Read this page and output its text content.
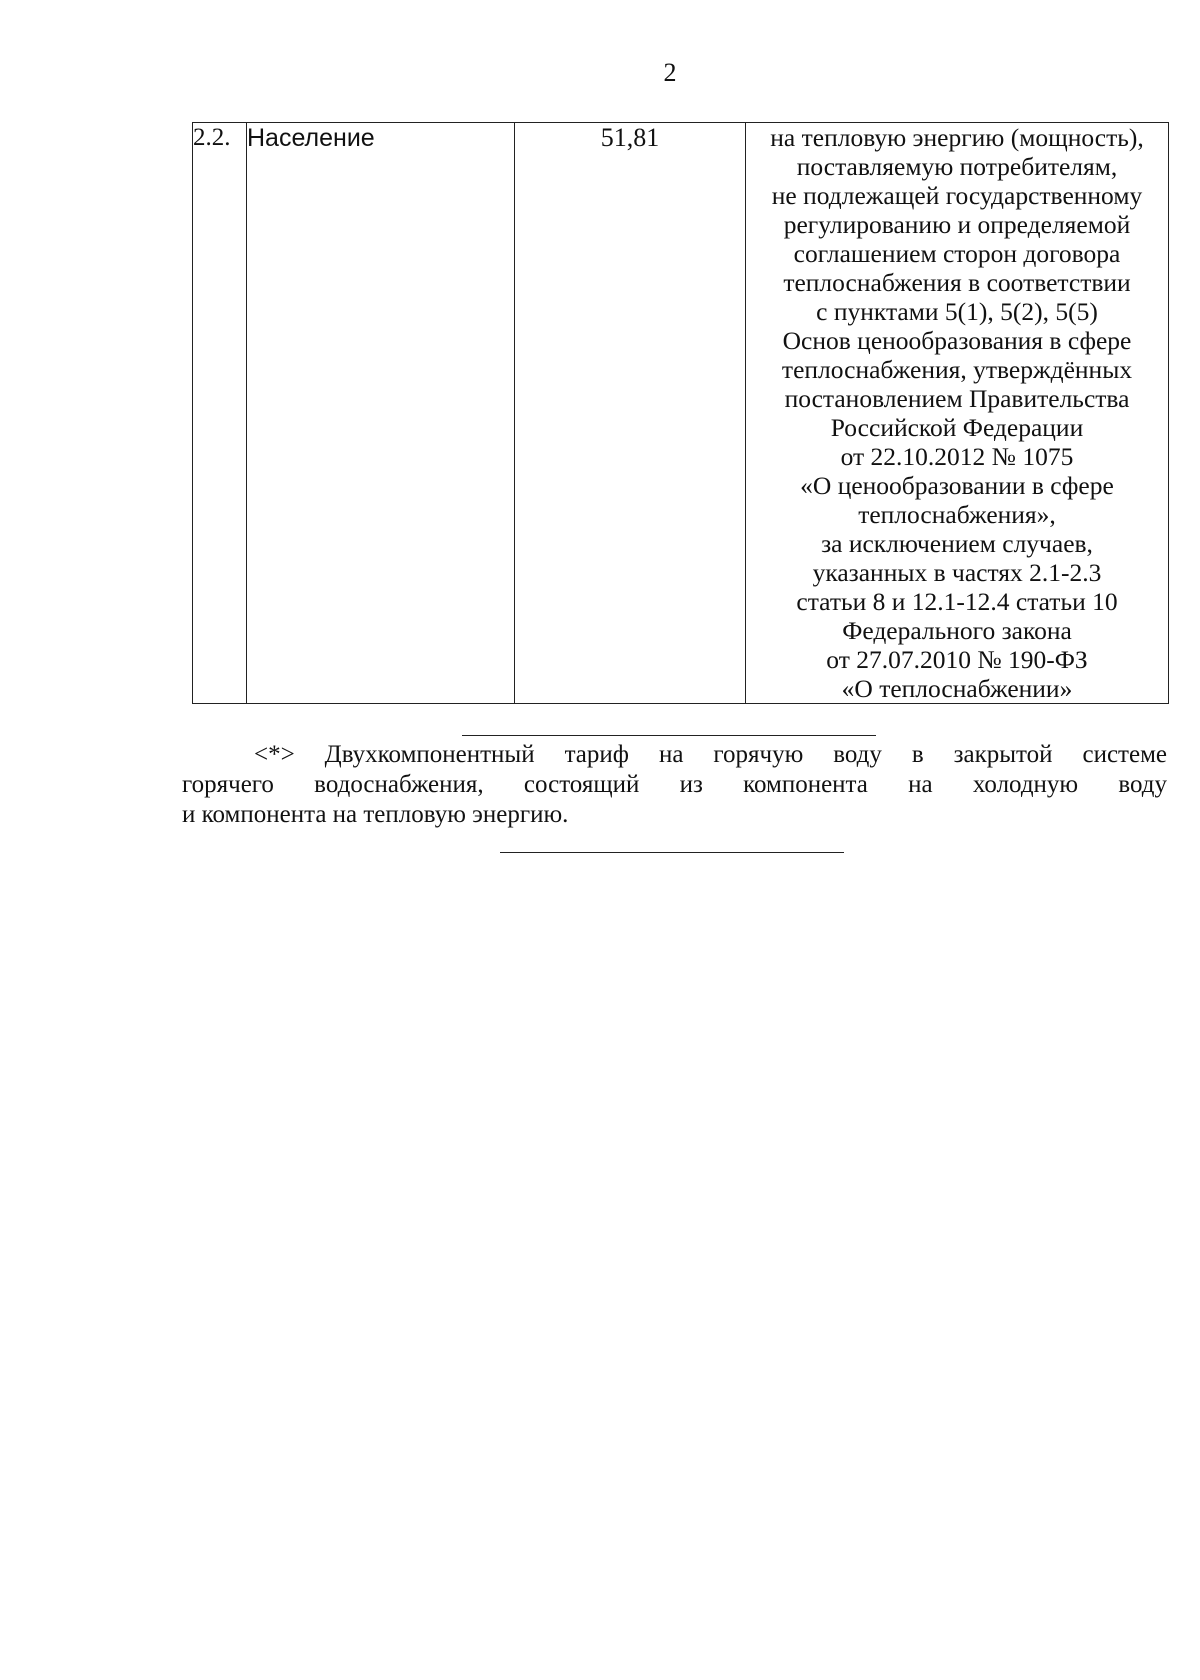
2
2.2.	Население	51,81	на тепловую энергию (мощность),
поставляемую потребителям,
не подлежащей государственному
регулированию и определяемой
соглашением сторон договора
теплоснабжения в соответствии
с пунктами 5(1), 5(2), 5(5)
Основ ценообразования в сфере
теплоснабжения, утверждённых
постановлением Правительства
Российской Федерации
от 22.10.2012 № 1075
«О ценообразовании в сфере
теплоснабжения»,
за исключением случаев,
указанных в частях 2.1-2.3
статьи 8 и 12.1-12.4 статьи 10
Федерального закона
от 27.07.2010 № 190-ФЗ
«О теплоснабжении»

<*> Двухкомпонентный тариф на горячую воду в закрытой системе

горячего водоснабжения, состоящий из компонента на холодную воду

и компонента на тепловую энергию.
